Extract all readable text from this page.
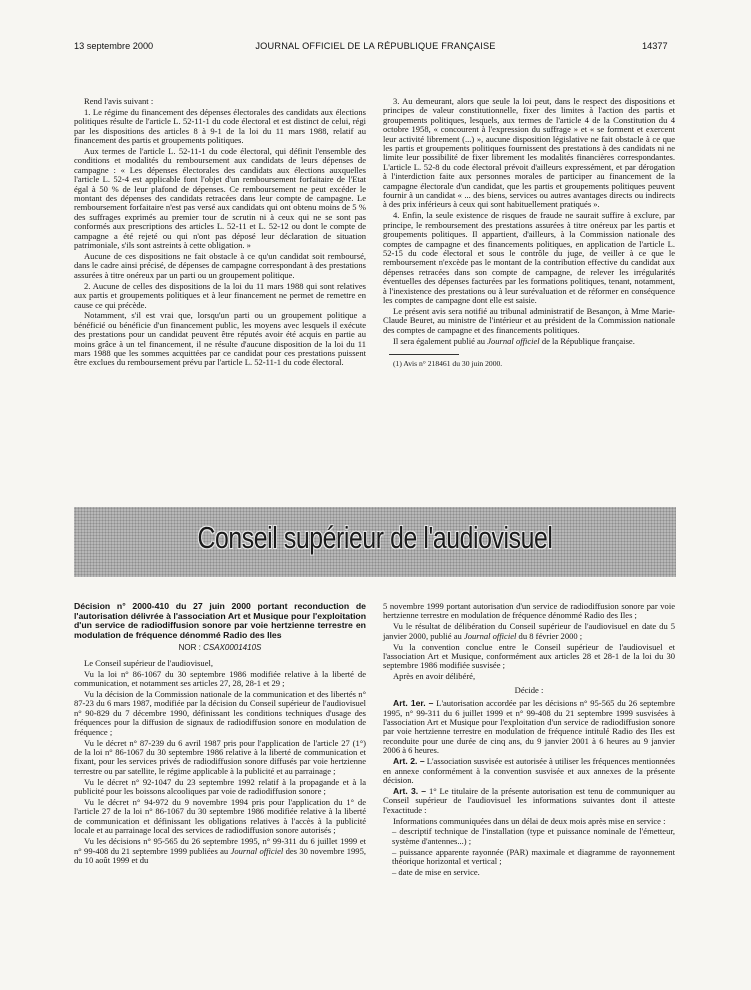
13 septembre 2000	JOURNAL OFFICIEL DE LA RÉPUBLIQUE FRANÇAISE	14377

Rend l'avis suivant :

1. Le régime du financement des dépenses électorales des candidats aux élections politiques résulte de l'article L. 52-11-1 du code électoral et est distinct de celui, régi par les dispositions des articles 8 à 9-1 de la loi du 11 mars 1988, relatif au financement des partis et groupements politiques.

Aux termes de l'article L. 52-11-1 du code électoral, qui définit l'ensemble des conditions et modalités du remboursement aux candidats de leurs dépenses de campagne : « Les dépenses électorales des candidats aux élections auxquelles l'article L. 52-4 est applicable font l'objet d'un remboursement forfaitaire de l'Etat égal à 50 % de leur plafond de dépenses. Ce remboursement ne peut excéder le montant des dépenses des candidats retracées dans leur compte de campagne. Le remboursement forfaitaire n'est pas versé aux candidats qui ont obtenu moins de 5 % des suffrages exprimés au premier tour de scrutin ni à ceux qui ne se sont pas conformés aux prescriptions des articles L. 52-11 et L. 52-12 ou dont le compte de campagne a été rejeté ou qui n'ont pas déposé leur déclaration de situation patrimoniale, s'ils sont astreints à cette obligation. »

Aucune de ces dispositions ne fait obstacle à ce qu'un candidat soit remboursé, dans le cadre ainsi précisé, de dépenses de campagne correspondant à des prestations assurées à titre onéreux par un parti ou un groupement politique.

2. Aucune de celles des dispositions de la loi du 11 mars 1988 qui sont relatives aux partis et groupements politiques et à leur financement ne permet de remettre en cause ce qui précède.

Notamment, s'il est vrai que, lorsqu'un parti ou un groupement politique a bénéficié ou bénéficie d'un financement public, les moyens avec lesquels il exécute des prestations pour un candidat peuvent être réputés avoir été acquis en partie au moins grâce à un tel financement, il ne résulte d'aucune disposition de la loi du 11 mars 1988 que les sommes acquittées par ce candidat pour ces prestations puissent être exclues du remboursement prévu par l'article L. 52-11-1 du code électoral.

3. Au demeurant, alors que seule la loi peut, dans le respect des dispositions et principes de valeur constitutionnelle, fixer des limites à l'action des partis et groupements politiques, lesquels, aux termes de l'article 4 de la Constitution du 4 octobre 1958, « concourent à l'expression du suffrage » et « se forment et exercent leur activité librement (...) », aucune disposition législative ne fait obstacle à ce que les partis et groupements politiques fournissent des prestations à des candidats ni ne limite leur possibilité de fixer librement les modalités financières correspondantes. L'article L. 52-8 du code électoral prévoit d'ailleurs expressément, et par dérogation à l'interdiction faite aux personnes morales de participer au financement de la campagne électorale d'un candidat, que les partis et groupements politiques peuvent fournir à un candidat « ... des biens, services ou autres avantages directs ou indirects à des prix inférieurs à ceux qui sont habituellement pratiqués ».

4. Enfin, la seule existence de risques de fraude ne saurait suffire à exclure, par principe, le remboursement des prestations assurées à titre onéreux par les partis et groupements politiques. Il appartient, d'ailleurs, à la Commission nationale des comptes de campagne et des financements politiques, en application de l'article L. 52-15 du code électoral et sous le contrôle du juge, de veiller à ce que le remboursement n'excède pas le montant de la contribution effective du candidat aux dépenses retracées dans son compte de campagne, de relever les irrégularités éventuelles des dépenses facturées par les formations politiques, tenant, notamment, à l'inexistence des prestations ou à leur surévaluation et de réformer en conséquence les comptes de campagne dont elle est saisie.

Le présent avis sera notifié au tribunal administratif de Besançon, à Mme Marie-Claude Beuret, au ministre de l'intérieur et au président de la Commission nationale des comptes de campagne et des financements politiques.

Il sera également publié au Journal officiel de la République française.

(1) Avis n° 218461 du 30 juin 2000.

Conseil supérieur de l'audiovisuel
Décision n° 2000-410 du 27 juin 2000 portant reconduction de l'autorisation délivrée à l'association Art et Musique pour l'exploitation d'un service de radiodiffusion sonore par voie hertzienne terrestre en modulation de fréquence dénommé Radio des Iles
NOR : CSAX0001410S

Le Conseil supérieur de l'audiovisuel,

Vu la loi n° 86-1067 du 30 septembre 1986 modifiée relative à la liberté de communication, et notamment ses articles 27, 28, 28-1 et 29 ;

Vu la décision de la Commission nationale de la communication et des libertés n° 87-23 du 6 mars 1987, modifiée par la décision du Conseil supérieur de l'audiovisuel n° 90-829 du 7 décembre 1990, définissant les conditions techniques d'usage des fréquences pour la diffusion de signaux de radiodiffusion sonore en modulation de fréquence ;

Vu le décret n° 87-239 du 6 avril 1987 pris pour l'application de l'article 27 (1°) de la loi n° 86-1067 du 30 septembre 1986 relative à la liberté de communication et fixant, pour les services privés de radiodiffusion sonore diffusés par voie hertzienne terrestre ou par satellite, le régime applicable à la publicité et au parrainage ;

Vu le décret n° 92-1047 du 23 septembre 1992 relatif à la propagande et à la publicité pour les boissons alcooliques par voie de radiodiffusion sonore ;

Vu le décret n° 94-972 du 9 novembre 1994 pris pour l'application du 1° de l'article 27 de la loi n° 86-1067 du 30 septembre 1986 modifiée relative à la liberté de communication et définissant les obligations relatives à l'accès à la publicité locale et au parrainage local des services de radiodiffusion sonore autorisés ;

Vu les décisions n° 95-565 du 26 septembre 1995, n° 99-311 du 6 juillet 1999 et n° 99-408 du 21 septembre 1999 publiées au Journal officiel des 30 novembre 1995, du 10 août 1999 et du

5 novembre 1999 portant autorisation d'un service de radiodiffusion sonore par voie hertzienne terrestre en modulation de fréquence dénommé Radio des Iles ;

Vu le résultat de délibération du Conseil supérieur de l'audiovisuel en date du 5 janvier 2000, publié au Journal officiel du 8 février 2000 ;

Vu la convention conclue entre le Conseil supérieur de l'audiovisuel et l'association Art et Musique, conformément aux articles 28 et 28-1 de la loi du 30 septembre 1986 modifiée susvisée ;

Après en avoir délibéré,

Décide :

Art. 1er. – L'autorisation accordée par les décisions n° 95-565 du 26 septembre 1995, n° 99-311 du 6 juillet 1999 et n° 99-408 du 21 septembre 1999 susvisées à l'association Art et Musique pour l'exploitation d'un service de radiodiffusion sonore par voie hertzienne terrestre en modulation de fréquence intitulé Radio des Iles est reconduite pour une durée de cinq ans, du 9 janvier 2001 à 6 heures au 9 janvier 2006 à 6 heures.

Art. 2. – L'association susvisée est autorisée à utiliser les fréquences mentionnées en annexe conformément à la convention susvisée et aux annexes de la présente décision.

Art. 3. – 1° Le titulaire de la présente autorisation est tenu de communiquer au Conseil supérieur de l'audiovisuel les informations suivantes dont il atteste l'exactitude :

Informations communiquées dans un délai de deux mois après mise en service :

– descriptif technique de l'installation (type et puissance nominale de l'émetteur, système d'antennes...) ;

– puissance apparente rayonnée (PAR) maximale et diagramme de rayonnement théorique horizontal et vertical ;

– date de mise en service.
